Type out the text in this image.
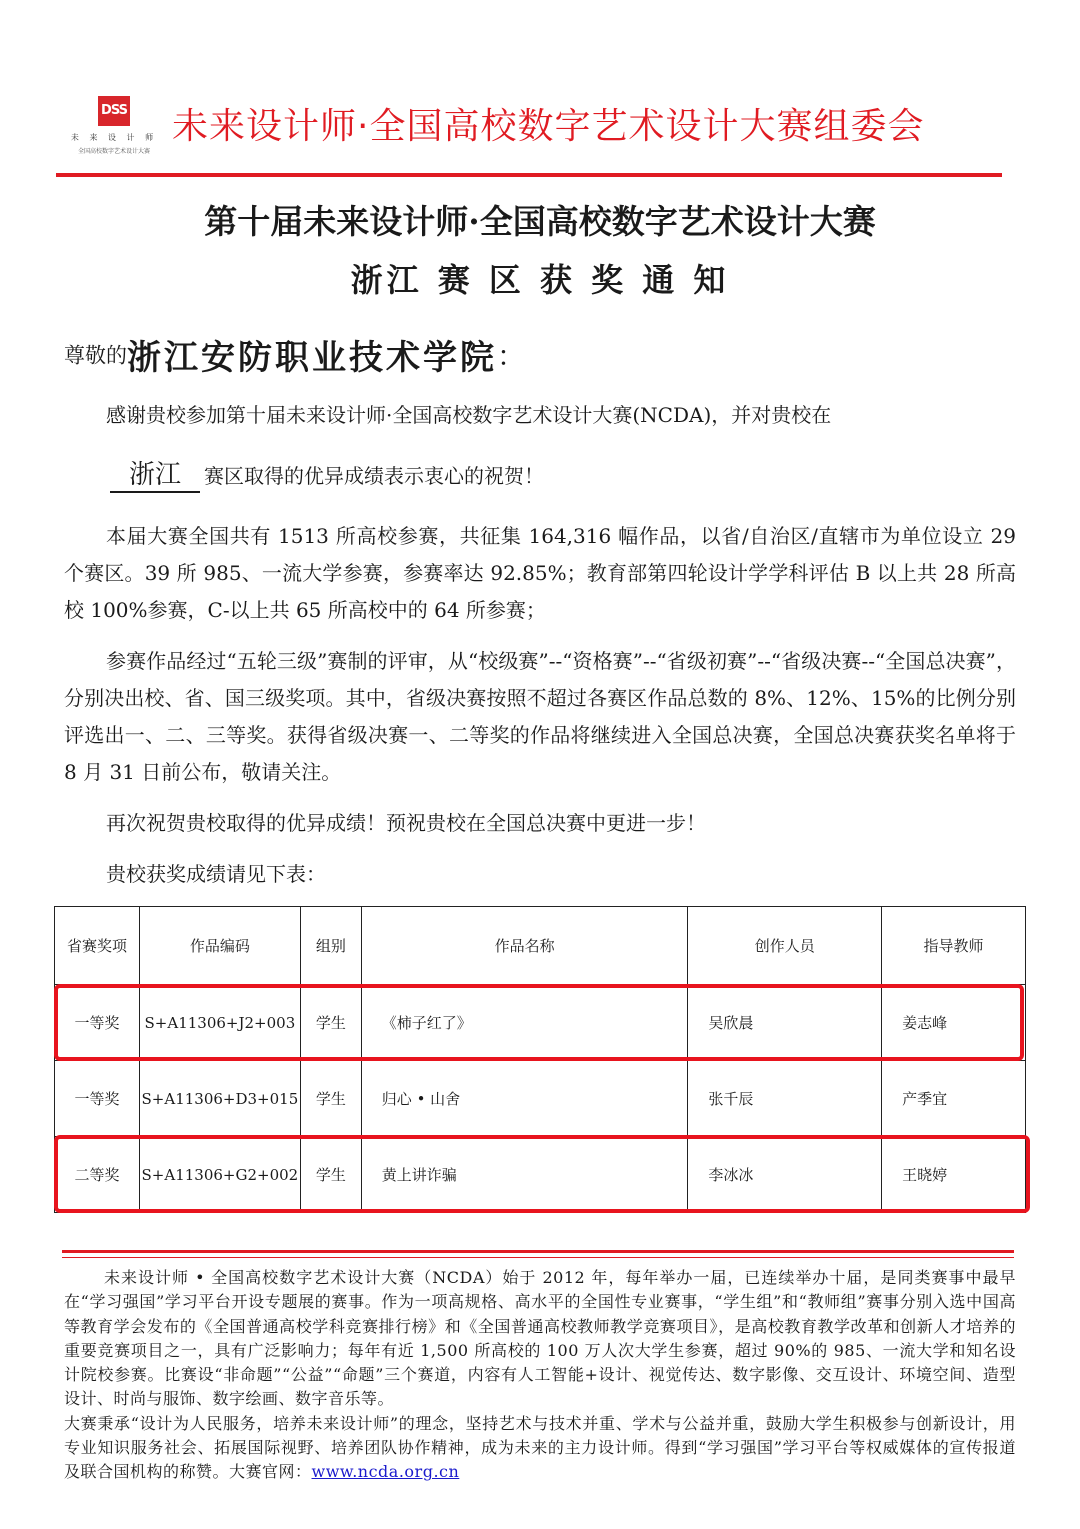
DSS
未 来 设 计 师
全国高校数字艺术设计大赛
未来设计师·全国高校数字艺术设计大赛组委会
第十届未来设计师·全国高校数字艺术设计大赛
浙江 赛 区 获 奖 通 知
尊敬的浙江安防职业技术学院：
感谢贵校参加第十届未来设计师·全国高校数字艺术设计大赛(NCDA)，并对贵校在
浙江 赛区取得的优异成绩表示衷心的祝贺！
本届大赛全国共有 1513 所高校参赛，共征集 164,316 幅作品，以省/自治区/直辖市为单位设立 29 个赛区。39 所 985、一流大学参赛，参赛率达 92.85%；教育部第四轮设计学学科评估 B 以上共 28 所高校 100%参赛，C-以上共 65 所高校中的 64 所参赛；
参赛作品经过“五轮三级”赛制的评审，从“校级赛”--“资格赛”--“省级初赛”--“省级决赛--“全国总决赛”，分别决出校、省、国三级奖项。其中，省级决赛按照不超过各赛区作品总数的 8%、12%、15%的比例分别评选出一、二、三等奖。获得省级决赛一、二等奖的作品将继续进入全国总决赛，全国总决赛获奖名单将于 8 月 31 日前公布，敬请关注。
再次祝贺贵校取得的优异成绩！预祝贵校在全国总决赛中更进一步！
贵校获奖成绩请见下表：
省赛奖项	作品编码	组别	作品名称	创作人员	指导教师
一等奖	S+A11306+J2+003	学生	《柿子红了》	吴欣晨	姜志峰
一等奖	S+A11306+D3+015	学生	归心 • 山舍	张千辰	产季宜
二等奖	S+A11306+G2+002	学生	黄上讲诈骗	李冰冰	王晓婷

未来设计师 • 全国高校数字艺术设计大赛（NCDA）始于 2012 年，每年举办一届，已连续举办十届，是同类赛事中最早在“学习强国”学习平台开设专题展的赛事。作为一项高规格、高水平的全国性专业赛事，“学生组”和“教师组”赛事分别入选中国高等教育学会发布的《全国普通高校学科竞赛排行榜》和《全国普通高校教师教学竞赛项目》，是高校教育教学改革和创新人才培养的重要竞赛项目之一，具有广泛影响力；每年有近 1,500 所高校的 100 万人次大学生参赛，超过 90%的 985、一流大学和知名设计院校参赛。比赛设“非命题”“公益”“命题”三个赛道，内容有人工智能+设计、视觉传达、数字影像、交互设计、环境空间、造型设计、时尚与服饰、数字绘画、数字音乐等。

大赛秉承“设计为人民服务，培养未来设计师”的理念，坚持艺术与技术并重、学术与公益并重，鼓励大学生积极参与创新设计，用专业知识服务社会、拓展国际视野、培养团队协作精神，成为未来的主力设计师。得到“学习强国”学习平台等权威媒体的宣传报道及联合国机构的称赞。大赛官网：www.ncda.org.cn
